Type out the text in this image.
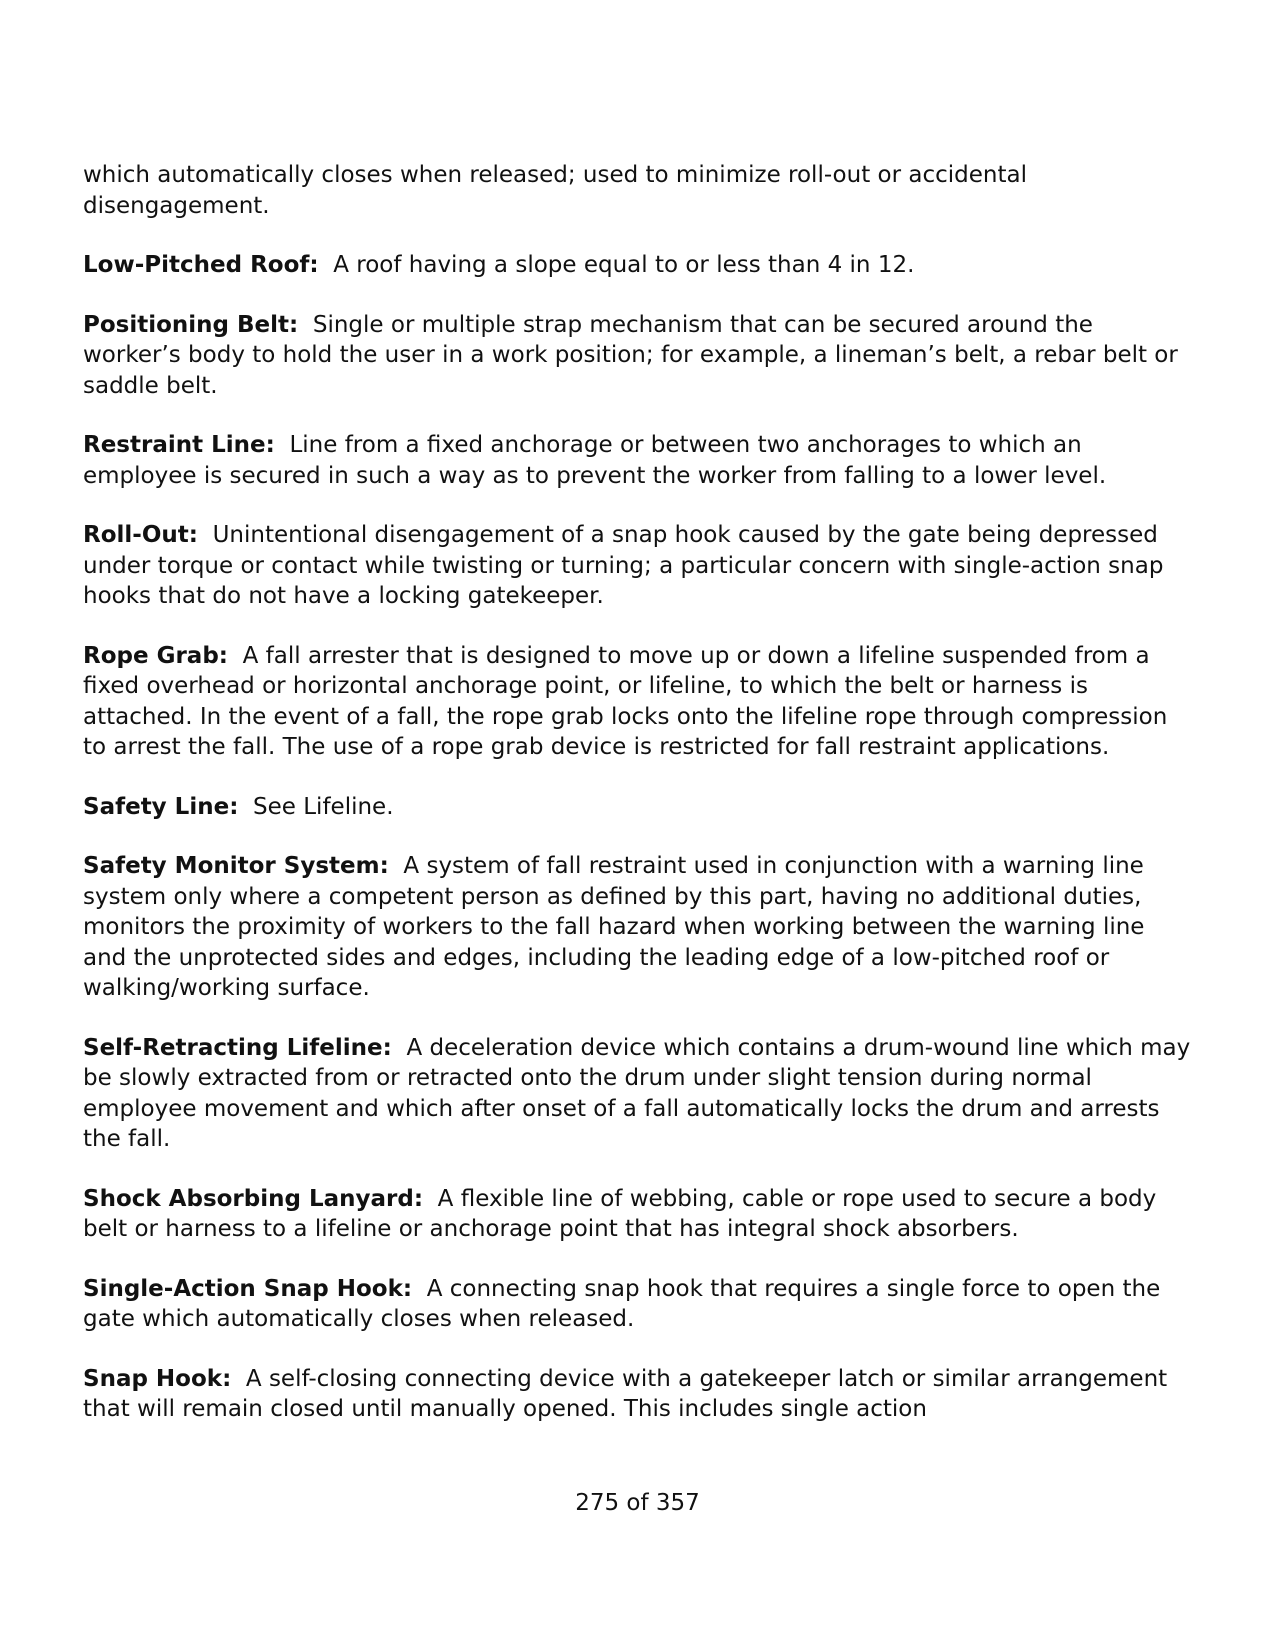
which automatically closes when released; used to minimize roll-out or accidental disengagement.

Low-Pitched Roof: A roof having a slope equal to or less than 4 in 12.

Positioning Belt: Single or multiple strap mechanism that can be secured around the worker’s body to hold the user in a work position; for example, a lineman’s belt, a rebar belt or saddle belt.

Restraint Line: Line from a fixed anchorage or between two anchorages to which an employee is secured in such a way as to prevent the worker from falling to a lower level.

Roll-Out: Unintentional disengagement of a snap hook caused by the gate being depressed under torque or contact while twisting or turning; a particular concern with single-action snap hooks that do not have a locking gatekeeper.

Rope Grab: A fall arrester that is designed to move up or down a lifeline suspended from a fixed overhead or horizontal anchorage point, or lifeline, to which the belt or harness is attached. In the event of a fall, the rope grab locks onto the lifeline rope through compression to arrest the fall. The use of a rope grab device is restricted for fall restraint applications.

Safety Line: See Lifeline.

Safety Monitor System: A system of fall restraint used in conjunction with a warning line system only where a competent person as defined by this part, having no additional duties, monitors the proximity of workers to the fall hazard when working between the warning line and the unprotected sides and edges, including the leading edge of a low-pitched roof or walking/working surface.

Self-Retracting Lifeline: A deceleration device which contains a drum-wound line which may be slowly extracted from or retracted onto the drum under slight tension during normal employee movement and which after onset of a fall automatically locks the drum and arrests the fall.

Shock Absorbing Lanyard: A flexible line of webbing, cable or rope used to secure a body belt or harness to a lifeline or anchorage point that has integral shock absorbers.

Single-Action Snap Hook: A connecting snap hook that requires a single force to open the gate which automatically closes when released.

Snap Hook: A self-closing connecting device with a gatekeeper latch or similar arrangement that will remain closed until manually opened. This includes single action

275 of 357
